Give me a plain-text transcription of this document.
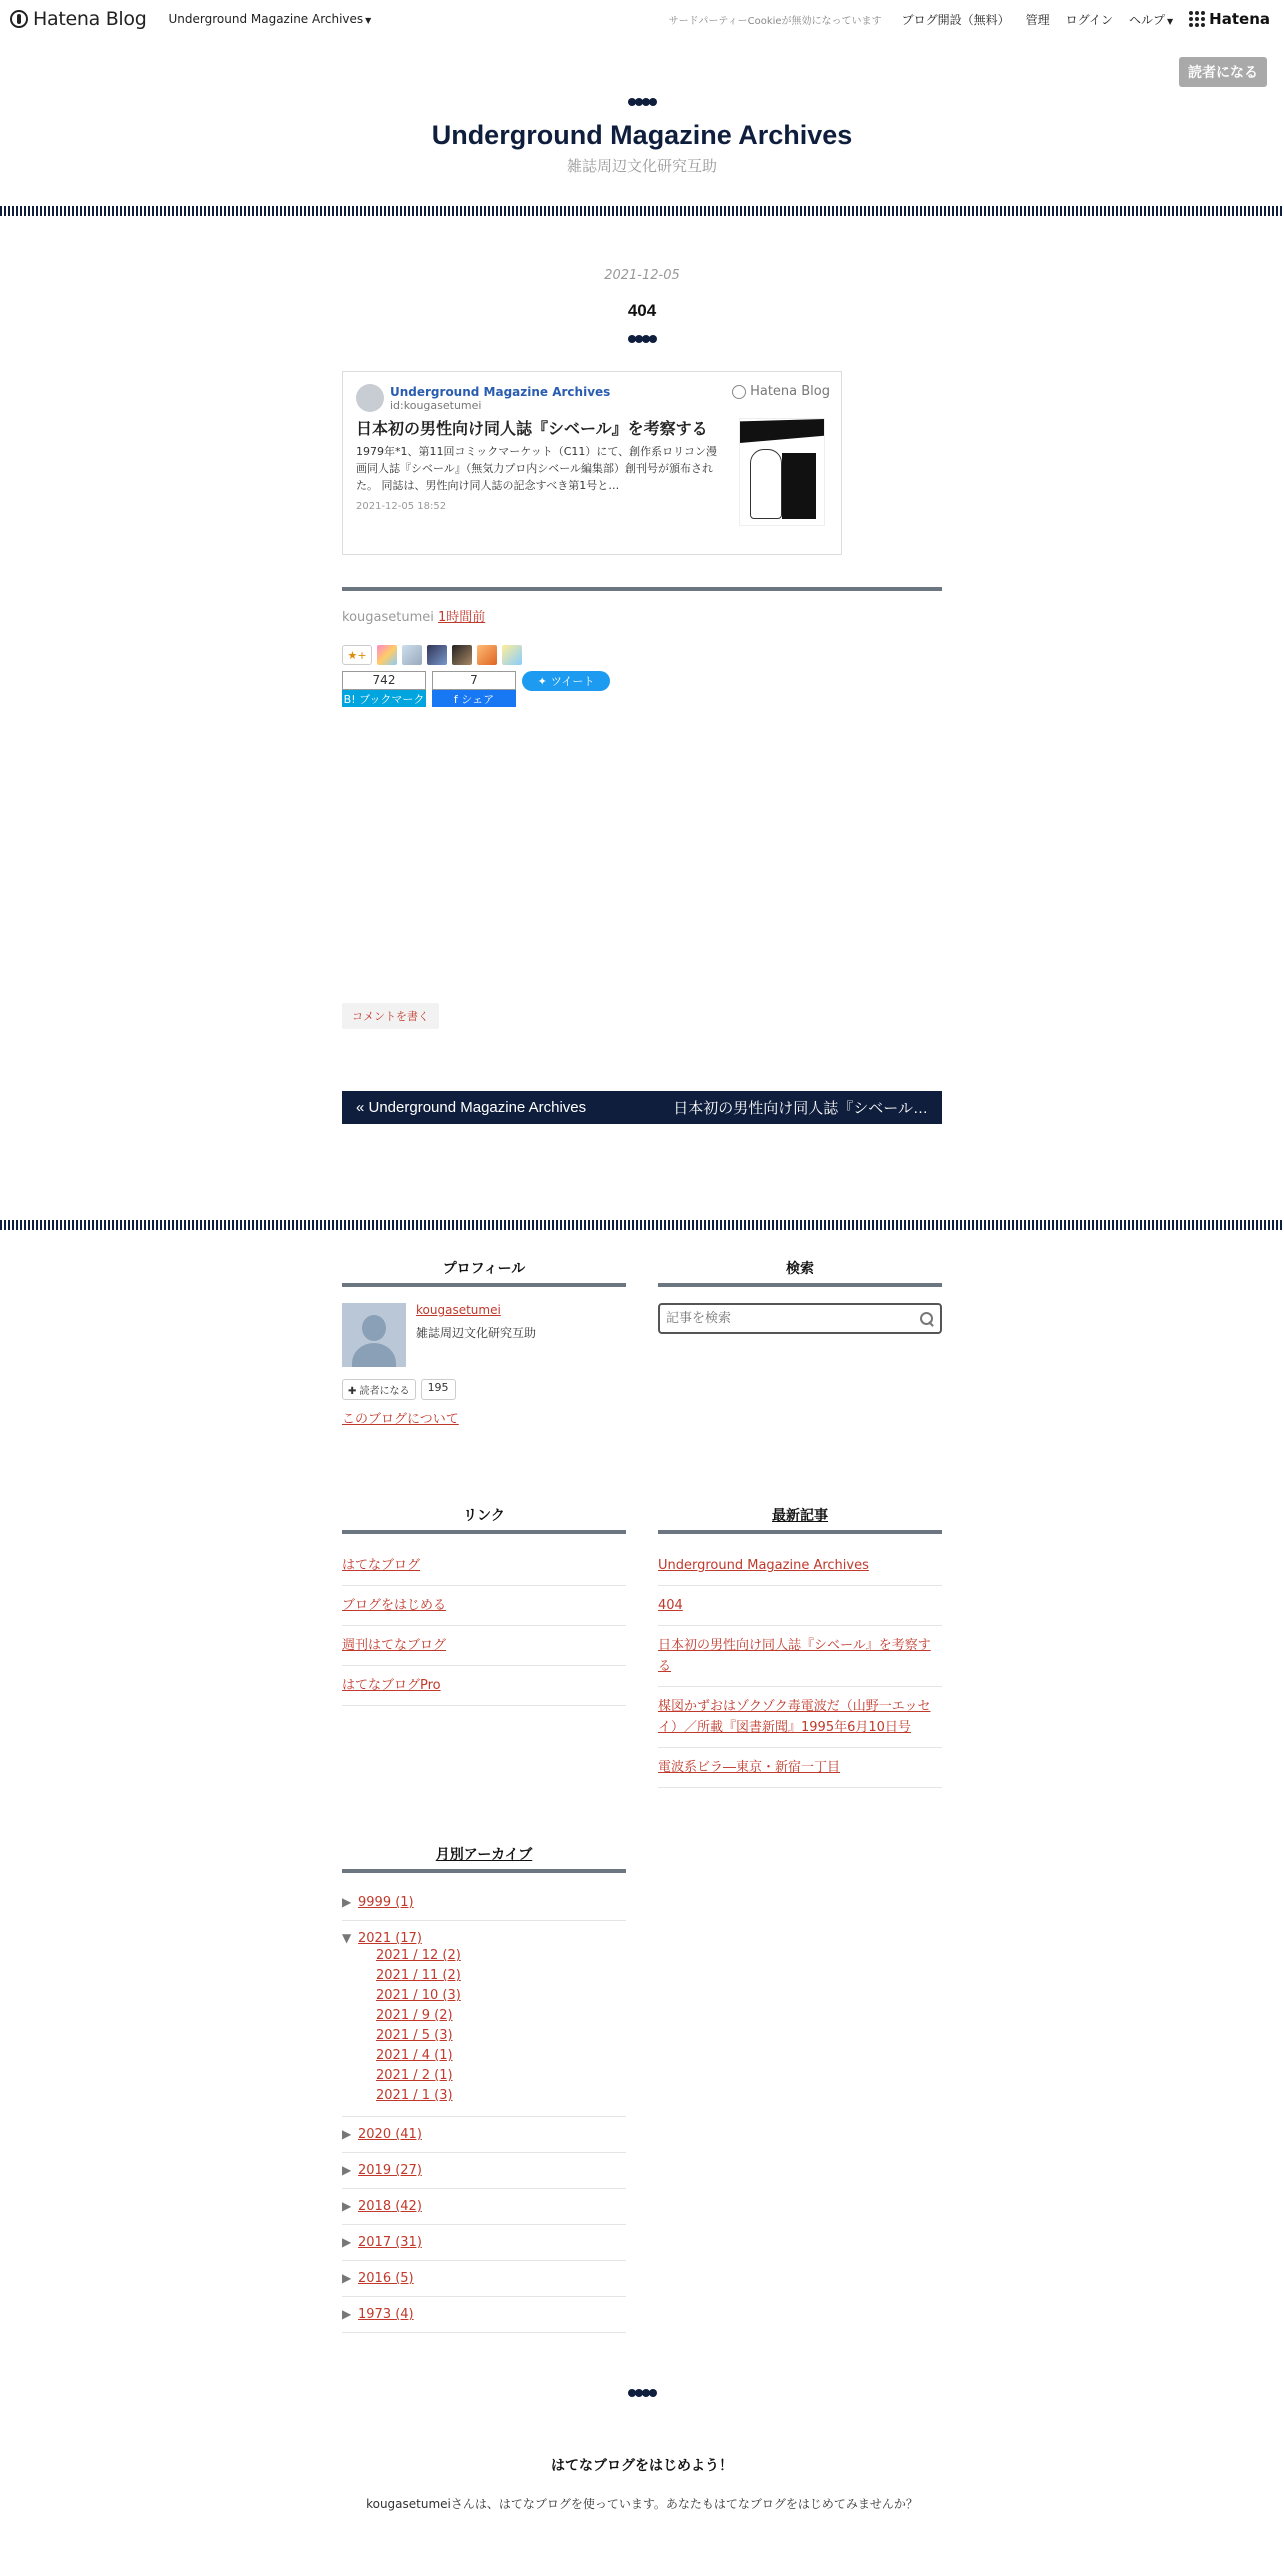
Hatena Blog Underground Magazine Archives ▼	サードパーティーCookieが無効になっています ブログ開設（無料） 管理 ログイン ヘルプ ▼ Hatena
読者になる
Underground Magazine Archives
雑誌周辺文化研究互助
2021-12-05
404
Underground Magazine Archives
id:kougasetumei
Hatena Blog
日本初の男性向け同人誌『シベール』を考察する
1979年*1、第11回コミックマーケット（C11）にて、創作系ロリコン漫画同人誌『シベール』（無気力プロ内シベール編集部）創刊号が頒布された。 同誌は、男性向け同人誌の記念すべき第1号と…
2021-12-05 18:52
kougasetumei 1時間前
★+
742
B! ブックマーク
7
f シェア
✦ ツイート
コメントを書く
« Underground Magazine Archives	日本初の男性向け同人誌『シベール…
プロフィール
kougasetumei
雑誌周辺文化研究互助
✚ 読者になる	195
このブログについて
検索
記事を検索
リンク
はてなブログ
ブログをはじめる
週刊はてなブログ
はてなブログPro
最新記事
Underground Magazine Archives
404
日本初の男性向け同人誌『シベール』を考察する
楳図かずおはゾクゾク毒電波だ（山野一エッセイ）／所載『図書新聞』1995年6月10日号
電波系ビラ―東京・新宿一丁目
月別アーカイブ
▶ 9999 (1)
▼ 2021 (17)
2021 / 12 (2)
2021 / 11 (2)
2021 / 10 (3)
2021 / 9 (2)
2021 / 5 (3)
2021 / 4 (1)
2021 / 2 (1)
2021 / 1 (3)
▶ 2020 (41)
▶ 2019 (27)
▶ 2018 (42)
▶ 2017 (31)
▶ 2016 (5)
▶ 1973 (4)
はてなブログをはじめよう！
kougasetumeiさんは、はてなブログを使っています。あなたもはてなブログをはじめてみませんか？
